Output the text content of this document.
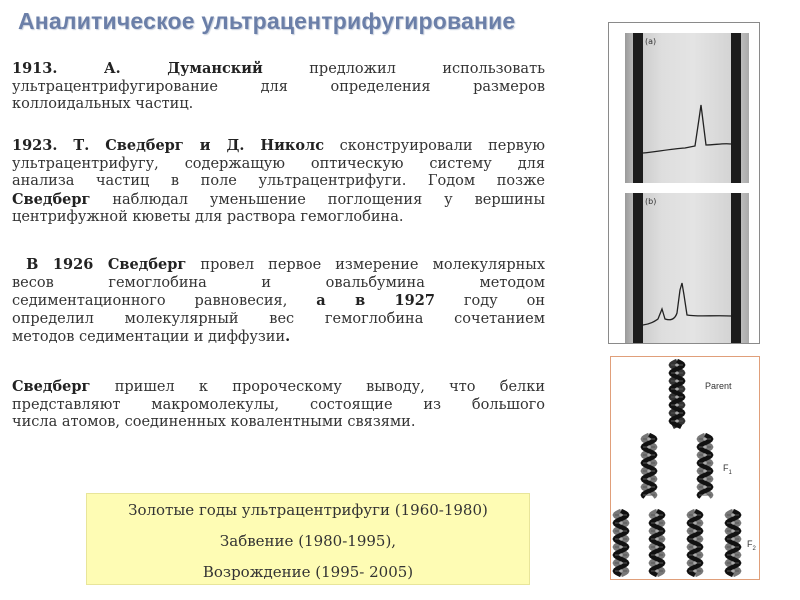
Аналитическое ультрацентрифугирование
1913.	А.	Думанский	предложил использовать
ультрацентрифугирование для определения размеров
коллоидальных частиц.
1923. Т. Сведберг и Д. Николс сконструировали первую
ультрацентрифугу, содержащую оптическую систему для
анализа частиц в поле ультрацентрифуги. Годом позже
Сведберг наблюдал уменьшение поглощения у вершины
центрифужной кюветы для раствора гемоглобина.
В 1926 Сведберг провел первое измерение молекулярных
весов гемоглобина и овальбумина методом
седиментационного равновесия, а в 1927 году он
определил молекулярный вес гемоглобина сочетанием
методов седиментации и диффузии.
Сведберг пришел к пророческому выводу, что белки
представляют макромолекулы, состоящие из большого
числа атомов, соединенных ковалентными связями.
Золотые годы ультрацентрифуги (1960-1980)
Забвение (1980-1995),
Возрождение (1995- 2005)
(a)
(b)
Parent
$F_1$
$F_2$
